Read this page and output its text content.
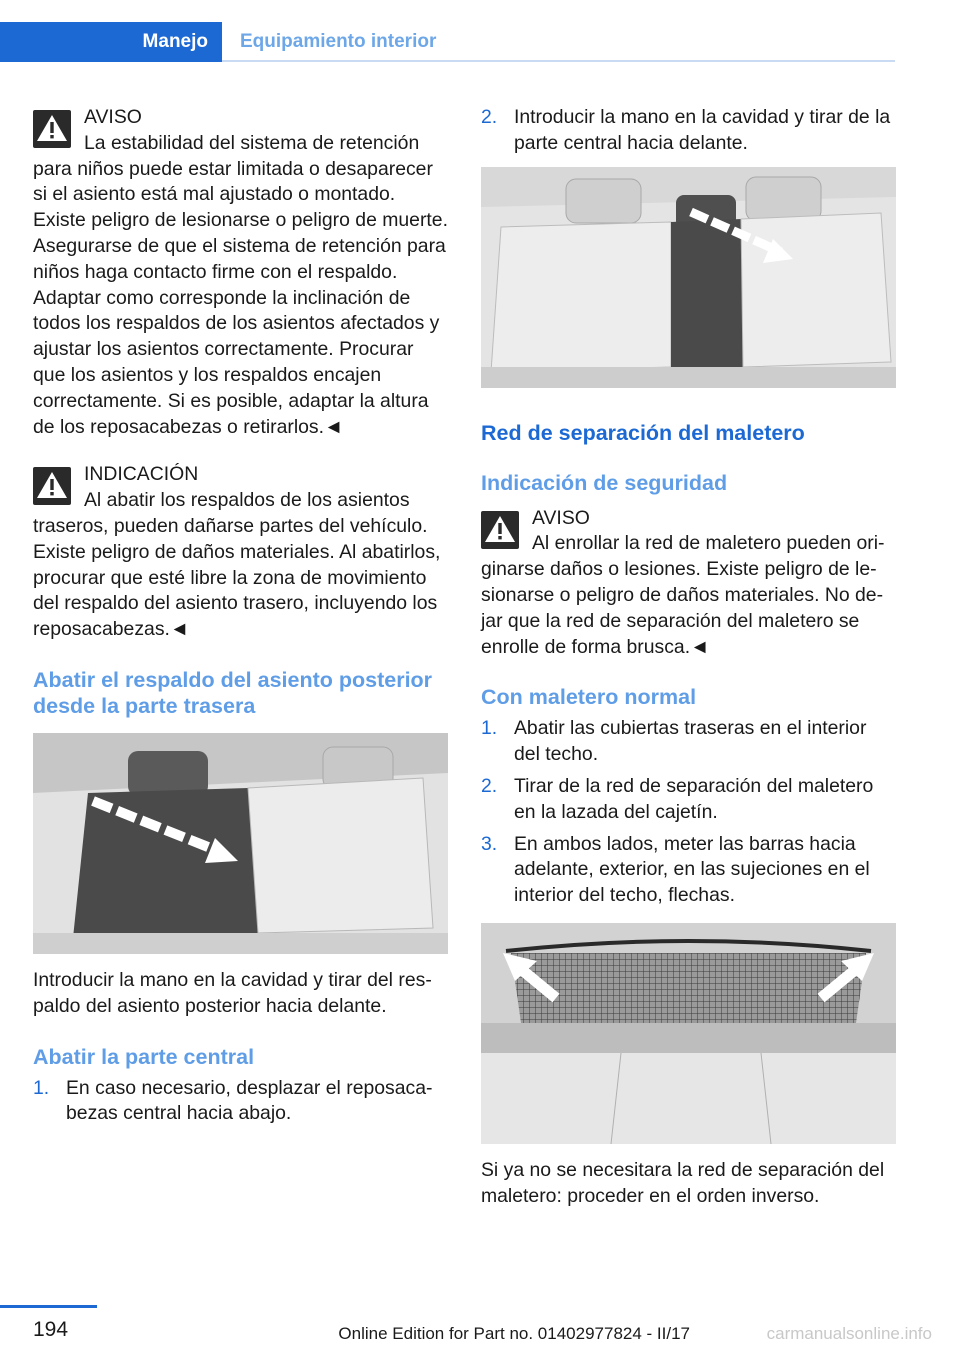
Manejo Equipamiento interior

AVISO

La estabilidad del sistema de retención para niños puede estar limitada o desaparecer si el asiento está mal ajustado o montado. Existe peligro de lesionarse o peligro de muerte. Asegurarse de que el sistema de retención para niños haga contacto firme con el respaldo. Adaptar como corresponde la inclinación de todos los respaldos de los asientos afectados y ajustar los asientos correctamente. Procurar que los asientos y los respaldos encajen correctamente. Si es posible, adaptar la altura de los reposacabezas o retirarlos.◄

INDICACIÓN

Al abatir los respaldos de los asientos traseros, pueden dañarse partes del vehículo. Existe peligro de daños materiales. Al abatirlos, procurar que esté libre la zona de movimiento del respaldo del asiento trasero, incluyendo los reposacabezas.◄

Abatir el respaldo del asiento posterior desde la parte trasera

Introducir la mano en la cavidad y tirar del respaldo del asiento posterior hacia delante.

Abatir la parte central
1. En caso necesario, desplazar el reposacabezas central hacia abajo.
2. Introducir la mano en la cavidad y tirar de la parte central hacia delante.
Red de separación del maletero
Indicación de seguridad

AVISO

Al enrollar la red de maletero pueden originarse daños o lesiones. Existe peligro de lesionarse o peligro de daños materiales. No dejar que la red de separación del maletero se enrolle de forma brusca.◄

Con maletero normal
1. Abatir las cubiertas traseras en el interior del techo.
2. Tirar de la red de separación del maletero en la lazada del cajetín.
3. En ambos lados, meter las barras hacia adelante, exterior, en las sujeciones en el interior del techo, flechas.

Si ya no se necesitara la red de separación del maletero: proceder en el orden inverso.

194	Online Edition for Part no. 01402977824 - II/17	carmanualsonline.info
